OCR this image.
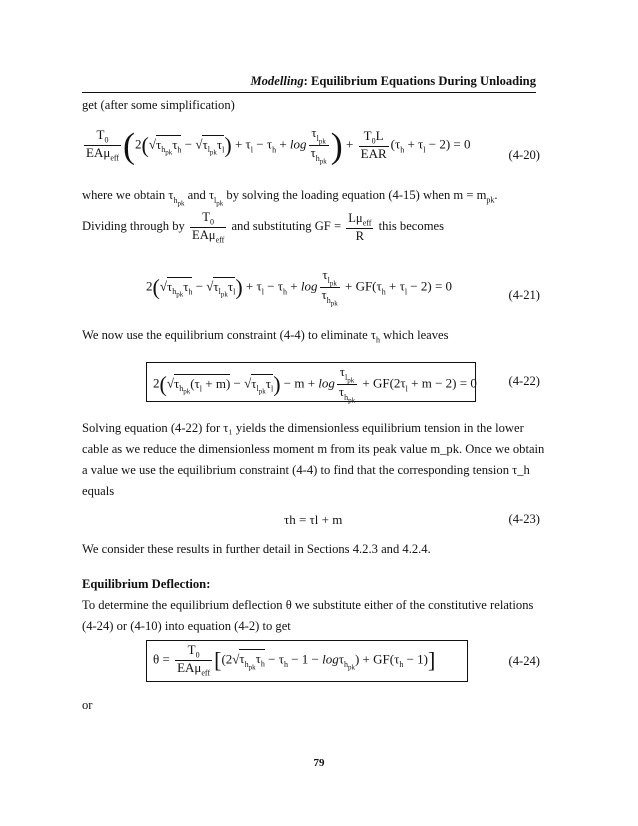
Modelling: Equilibrium Equations During Unloading
get (after some simplification)
$\frac{T_0}{EA\mu_{eff}} (2(√\tau_{h_{pk}}\tau_h - √\tau_{l_{pk}}\tau_l) + \tau_l - \tau_h + \log \frac{\tau_{l_{pk}}}{\tau_{h_{pk}}}$ ) + $\frac{T_0L}{\text{EAR}} (\tau_h + \tau_l - 2) = 0$
(4-20)
where we obtain $\tau_{h_{pk}}$ and $\tau_{l_{pk}}$ by solving the loading equation (4-15) when $m = m_{pk}$.
Dividing through by $\frac{T_0}{EA\mu_{eff}}$ and substituting GF = $\frac{L\mu_{eff}}{R}$ this becomes
$2(√\tau_{h_{pk}}\tau_h - √\tau_{l_{pk}}\tau_l) + \tau_l - \tau_h + \log \frac{\tau_{l_{pk}}}{\tau_{h_{pk}}} + GF(\tau_h + \tau_l - 2) = 0$
(4-21)
We now use the equilibrium constraint (4-4) to eliminate $\tau_h$ which leaves
$2(√\tau_{h_{pk}}(\tau_l + m) - √\tau_{l_{pk}}\tau_l) - m + \log \frac{\tau_{l_{pk}}}{\tau_{h_{pk}}} + GF(2\tau_l + m - 2) = 0$	(4-22)
Solving equation (4-22) for τ₁ yields the dimensionless equilibrium tension in the lower
cable as we reduce the dimensionless moment m from its peak value m_pk. Once we obtain
a value we use the equilibrium constraint (4-4) to find that the corresponding tension τ_h
equals
τh = τl + m	(4-23)
We consider these results in further detail in Sections 4.2.3 and 4.2.4.
Equilibrium Deflection:
To determine the equilibrium deflection θ we substitute either of the constitutive relations
(4-24) or (4-10) into equation (4-2) to get
$\theta = \frac{T_0}{EA\mu_{eff}} [(2√\tau_{h_{pk}}\tau_h - \tau_h - 1 - \log\tau_{h_{pk}}) + GF(\tau_h - 1)]$	(4-24)
or
79
